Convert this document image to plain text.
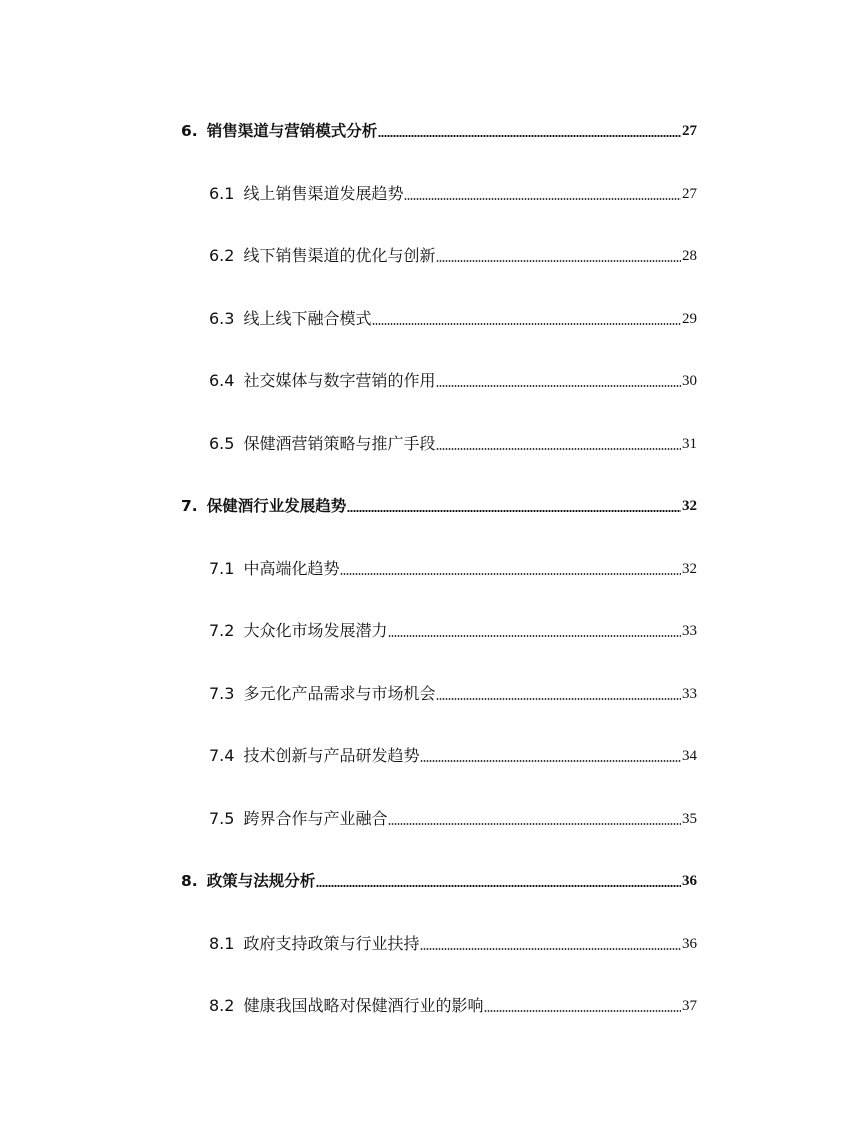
6. 销售渠道与营销模式分析	27
6.1 线上销售渠道发展趋势	27
6.2 线下销售渠道的优化与创新	28
6.3 线上线下融合模式	29
6.4 社交媒体与数字营销的作用	30
6.5 保健酒营销策略与推广手段	31
7. 保健酒行业发展趋势	32
7.1 中高端化趋势	32
7.2 大众化市场发展潜力	33
7.3 多元化产品需求与市场机会	33
7.4 技术创新与产品研发趋势	34
7.5 跨界合作与产业融合	35
8. 政策与法规分析	36
8.1 政府支持政策与行业扶持	36
8.2 健康我国战略对保健酒行业的影响	37
